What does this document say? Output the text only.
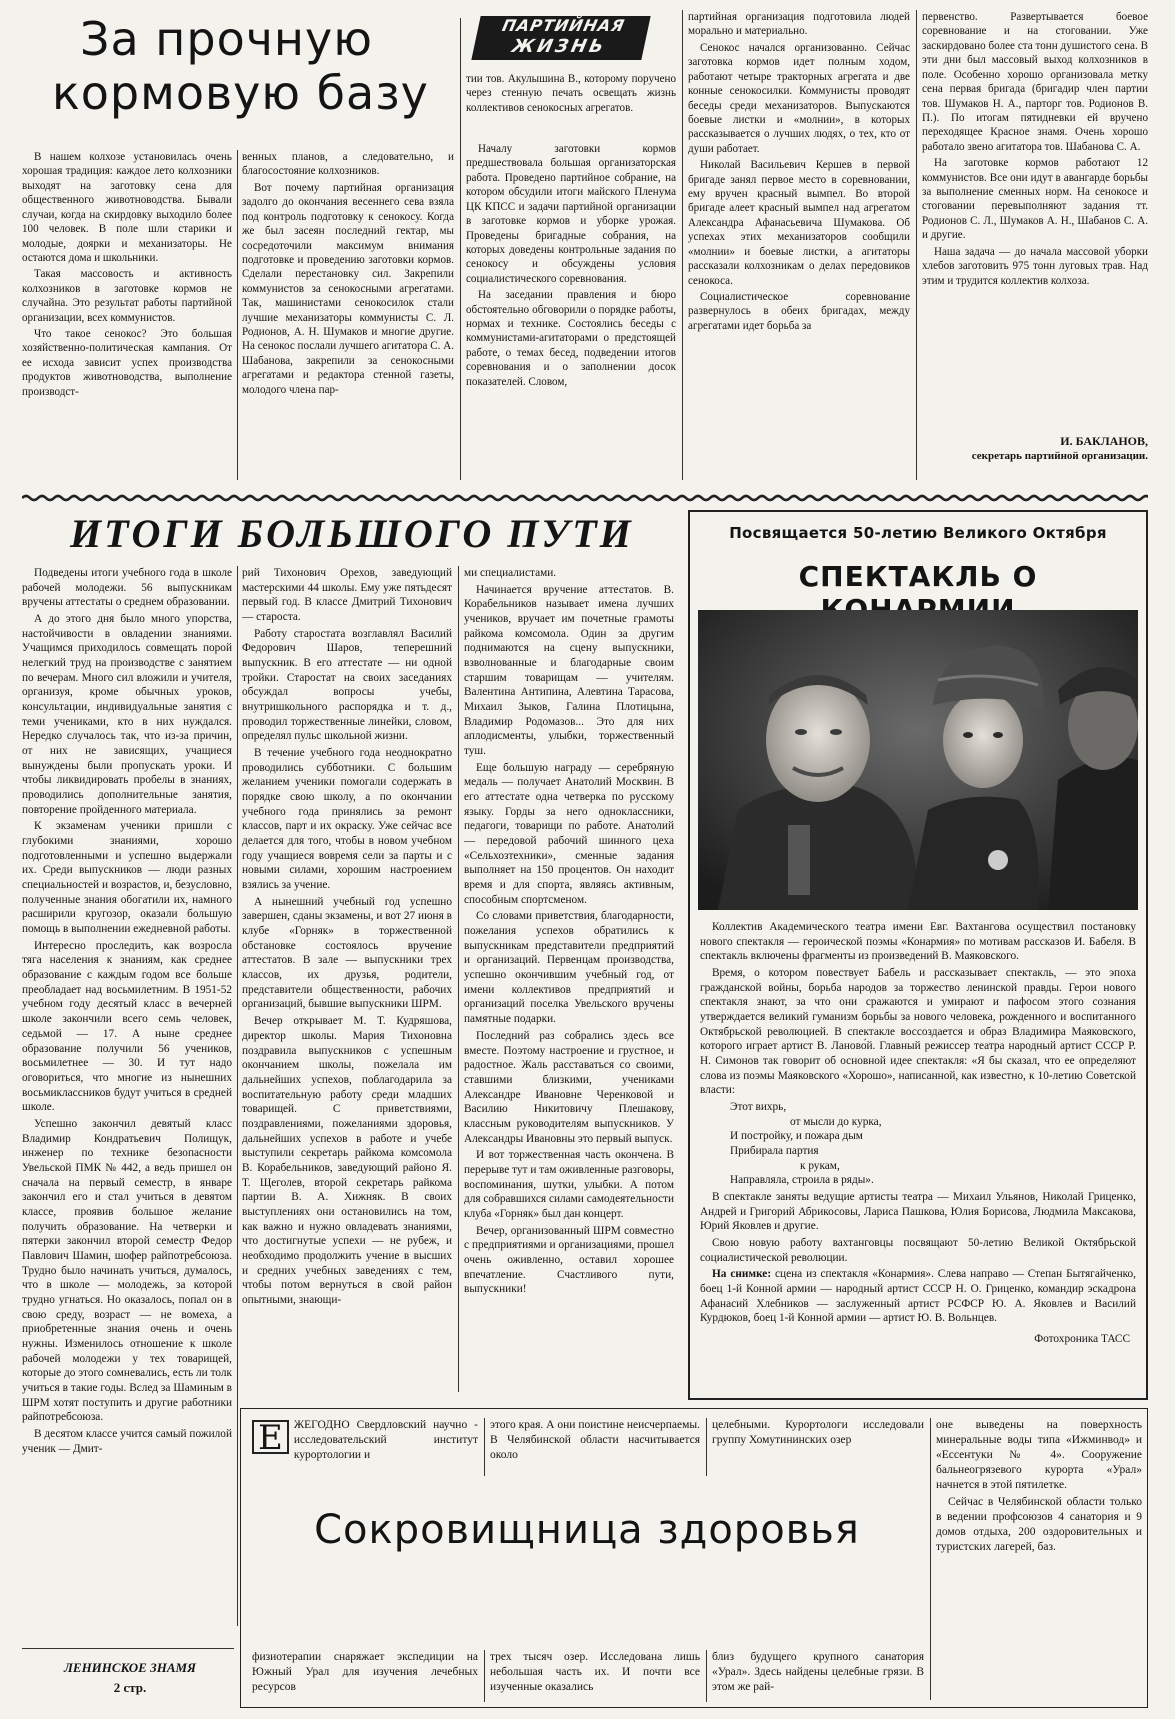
За прочную
кормовую базу

В нашем колхозе установилась очень хорошая традиция: каждое лето колхозники выходят на заготовку сена для общественного животноводства. Бывали случаи, когда на скирдовку выходило более 100 человек. В поле шли старики и молодые, доярки и механизаторы. Не остаются дома и школьники.

Такая массовость и активность колхозников в заготовке кормов не случайна. Это результат работы партийной организации, всех коммунистов.

Что такое сенокос? Это большая хозяйственно-политическая кампания. От ее исхода зависит успех производства продуктов животноводства, выполнение производст-

венных планов, а следовательно, и благосостояние колхозников.

Вот почему партийная организация задолго до окончания весеннего сева взяла под контроль подготовку к сенокосу. Когда же был засеян последний гектар, мы сосредоточили максимум внимания подготовке и проведению заготовки кормов. Сделали перестановку сил. Закрепили коммунистов за сенокосными агрегатами. Так, машинистами сенокосилок стали лучшие механизаторы коммунисты С. Л. Родионов, А. Н. Шумаков и многие другие. На сенокос послали лучшего агитатора С. А. Шабанова, закрепили за сенокосными агрегатами и редактора стенной газеты, молодого члена пар-

ПАРТИЙНАЯ
ЖИЗНЬ

тии тов. Акулышина В., которому поручено через стенную печать освещать жизнь коллективов сенокосных агрегатов.

Началу заготовки кормов предшествовала большая организаторская работа. Проведено партийное собрание, на котором обсудили итоги майского Пленума ЦК КПСС и задачи партийной организации в заготовке кормов и уборке урожая. Проведены бригадные собрания, на которых доведены контрольные задания по сенокосу и обсуждены условия социалистического соревнования.

На заседании правления и бюро обстоятельно обговорили о порядке работы, нормах и технике. Состоялись беседы с коммунистами-агитаторами о предстоящей работе, о темах бесед, подведении итогов соревнования и о заполнении досок показателей. Словом,

партийная организация подготовила людей морально и материально.

Сенокос начался организованно. Сейчас заготовка кормов идет полным ходом, работают четыре тракторных агрегата и две конные сенокосилки. Коммунисты проводят беседы среди механизаторов. Выпускаются боевые листки и «молнии», в которых рассказывается о лучших людях, о тех, кто от души работает.

Николай Васильевич Кершев в первой бригаде занял первое место в соревновании, ему вручен красный вымпел. Во второй бригаде алеет красный вымпел над агрегатом Александра Афанасьевича Шумакова. Об успехах этих механизаторов сообщили «молнии» и боевые листки, а агитаторы рассказали колхозникам о делах передовиков сенокоса.

Социалистическое соревнование развернулось в обеих бригадах, между агрегатами идет борьба за

первенство. Развертывается боевое соревнование и на стоговании. Уже заскирдовано более ста тонн душистого сена. В эти дни был массовый выход колхозников в поле. Особенно хорошо организовала метку сена первая бригада (бригадир член партии тов. Шумаков Н. А., парторг тов. Родионов В. П.). По итогам пятидневки ей вручено переходящее Красное знамя. Очень хорошо работало звено агитатора тов. Шабанова С. А.

На заготовке кормов работают 12 коммунистов. Все они идут в авангарде борьбы за выполнение сменных норм. На сенокосе и стоговании перевыполняют задания тт. Родионов С. Л., Шумаков А. Н., Шабанов С. А. и другие.

Наша задача — до начала массовой уборки хлебов заготовить 975 тонн луговых трав. Над этим и трудится коллектив колхоза.

И. БАКЛАНОВ,
секретарь партийной организации.
ИТОГИ БОЛЬШОГО ПУТИ

Подведены итоги учебного года в школе рабочей молодежи. 56 выпускникам вручены аттестаты о среднем образовании.

А до этого дня было много упорства, настойчивости в овладении знаниями. Учащимся приходилось совмещать порой нелегкий труд на производстве с занятием по вечерам. Много сил вложили и учителя, организуя, кроме обычных уроков, консультации, индивидуальные занятия с теми учениками, кто в них нуждался. Нередко случалось так, что из-за причин, от них не зависящих, учащиеся вынуждены были пропускать уроки. И чтобы ликвидировать пробелы в знаниях, проводились дополнительные занятия, повторение пройденного материала.

К экзаменам ученики пришли с глубокими знаниями, хорошо подготовленными и успешно выдержали их. Среди выпускников — люди разных специальностей и возрастов, и, безусловно, полученные знания обогатили их, намного расширили кругозор, оказали большую помощь в выполнении ежедневной работы.

Интересно проследить, как возросла тяга населения к знаниям, как среднее образование с каждым годом все больше преобладает над восьмилетним. В 1951-52 учебном году десятый класс в вечерней школе закончили всего семь человек, седьмой — 17. А ныне среднее образование получили 56 учеников, восьмилетнее — 30. И тут надо оговориться, что многие из нынешних восьмиклассников будут учиться в средней школе.

Успешно закончил девятый класс Владимир Кондратьевич Полищук, инженер по технике безопасности Увельской ПМК № 442, а ведь пришел он сначала на первый семестр, в январе закончил его и стал учиться в девятом классе, проявив большое желание получить образование. На четверки и пятерки закончил второй семестр Федор Павлович Шамин, шофер райпотребсоюза. Трудно было начинать учиться, думалось, что в школе — молодежь, за которой трудно угнаться. Но оказалось, попал он в свою среду, возраст — не вомеха, а приобретенные знания очень и очень нужны. Изменилось отношение к школе рабочей молодежи у тех товарищей, которые до этого сомневались, есть ли толк учиться в такие годы. Вслед за Шаминым в ШРМ хотят поступить и другие работники райпотребсоюза.

В десятом классе учится самый пожилой ученик — Дмит-

рий Тихонович Орехов, заведующий мастерскими 44 школы. Ему уже пятьдесят первый год. В классе Дмитрий Тихонович — староста.

Работу старостата возглавлял Василий Федорович Шаров, теперешний выпускник. В его аттестате — ни одной тройки. Старостат на своих заседаниях обсуждал вопросы учебы, внутришкольного распорядка и т. д., проводил торжественные линейки, словом, определял пульс школьной жизни.

В течение учебного года неоднократно проводились субботники. С большим желанием ученики помогали содержать в порядке свою школу, а по окончании учебного года принялись за ремонт классов, парт и их окраску. Уже сейчас все делается для того, чтобы в новом учебном году учащиеся вовремя сели за парты и с новыми силами, хорошим настроением взялись за учение.

А нынешний учебный год успешно завершен, сданы экзамены, и вот 27 июня в клубе «Горняк» в торжественной обстановке состоялось вручение аттестатов. В зале — выпускники трех классов, их друзья, родители, представители общественности, рабочих организаций, бывшие выпускники ШРМ.

Вечер открывает М. Т. Кудряшова, директор школы. Мария Тихоновна поздравила выпускников с успешным окончанием школы, пожелала им дальнейших успехов, поблагодарила за воспитательную работу среди младших товарищей. С приветствиями, поздравлениями, пожеланиями здоровья, дальнейших успехов в работе и учебе выступили секретарь райкома комсомола В. Корабельников, заведующий районо Я. Т. Щеголев, второй секретарь райкома партии В. А. Хижняк. В своих выступлениях они остановились на том, как важно и нужно овладевать знаниями, что достигнутые успехи — не рубеж, и необходимо продолжить учение в высших и средних учебных заведениях с тем, чтобы потом вернуться в свой район опытными, знающи-

ми специалистами.

Начинается вручение аттестатов. В. Корабельников называет имена лучших учеников, вручает им почетные грамоты райкома комсомола. Один за другим поднимаются на сцену выпускники, взволнованные и благодарные своим старшим товарищам — учителям. Валентина Антипина, Алевтина Тарасова, Михаил Зыков, Галина Плотицына, Владимир Родомазов... Это для них аплодисменты, улыбки, торжественный туш.

Еще большую награду — серебряную медаль — получает Анатолий Москвин. В его аттестате одна четверка по русскому языку. Горды за него одноклассники, педагоги, товарищи по работе. Анатолий — передовой рабочий шинного цеха «Сельхозтехники», сменные задания выполняет на 150 процентов. Он находит время и для спорта, являясь активным, способным спортсменом.

Со словами приветствия, благодарности, пожелания успехов обратились к выпускникам представители предприятий и организаций. Первенцам производства, успешно окончившим учебный год, от имени коллективов предприятий и организаций поселка Увельского вручены памятные подарки.

Последний раз собрались здесь все вместе. Поэтому настроение и грустное, и радостное. Жаль расставаться со своими, ставшими близкими, учениками Александре Ивановне Черенковой и Василию Никитовичу Плешакову, классным руководителям выпускников. У Александры Ивановны это первый выпуск.

И вот торжественная часть окончена. В перерыве тут и там оживленные разговоры, воспоминания, шутки, улыбки. А потом для собравшихся силами самодеятельности клуба «Горняк» был дан концерт.

Вечер, организованный ШРМ совместно с предприятиями и организациями, прошел очень оживленно, оставил хорошее впечатление. Счастливого пути, выпускники!

Посвящается 50-летию Великого Октября
СПЕКТАКЛЬ О

Коллектив Академического театра имени Евг. Вахтангова осуществил постановку нового спектакля — героической поэмы «Конармия» по мотивам рассказов И. Бабеля. В спектакль включены фрагменты из произведений В. Маяковского.

Время, о котором повествует Бабель и рассказывает спектакль, — это эпоха гражданской войны, борьба народов за торжество ленинской правды. Герои нового спектакля знают, за что они сражаются и умирают и пафосом этого сознания утверждается великий гуманизм борьбы за нового человека, рожденного и воспитанного Октябрьской революцией. В спектакле воссоздается и образ Владимира Маяковского, которого играет артист В. Ланово́й. Главный режиссер театра народный артист СССР Р. Н. Симонов так говорит об основной идее спектакля: «Я бы сказал, что ее определяют слова из поэмы Маяковского «Хорошо», написанной, как известно, к 10-летию Советской власти:

Этот вихрь,
от мысли до курка,
И постройку, и пожара дым
Прибирала партия
к рукам,
Направляла, строила в ряды».

В спектакле заняты ведущие артисты театра — Михаил Ульянов, Николай Гриценко, Андрей и Григорий Абрикосовы, Лариса Пашкова, Юлия Борисова, Людмила Максакова, Юрий Яковлев и другие.

Свою новую работу вахтанговцы посвящают 50-летию Великой Октябрьской социалистической революции.

На снимке: сцена из спектакля «Конармия». Слева направо — Степан Бытягайченко, боец 1-й Конной армии — народный артист СССР Н. О. Гриценко, командир эскадрона Афанасий Хлебников — заслуженный артист РСФСР Ю. А. Яковлев и Василий Курдюков, боец 1-й Конной армии — артист Ю. В. Вольнцев.

Фотохроника ТАСС
Е ЖЕГОДНО Свердловский научно - исследовательский институт курортологии и

этого края. А они поистине неисчерпаемы. В Челябинской области насчитывается около

целебными. Курортологи исследовали группу Хомутининских озер

Сокровищница здоровья

оне выведены на поверхность минеральные воды типа «Ижминвод» и «Ессентуки № 4». Сооружение бальнеогрязевого курорта «Урал» начнется в этой пятилетке.

Сейчас в Челябинской области только в ведении профсоюзов 4 санатория и 9 домов отдыха, 200 оздоровительных и туристских лагерей, баз.

физиотерапии снаряжает экспедиции на Южный Урал для изучения лечебных ресурсов

трех тысяч озер. Исследована лишь небольшая часть их. И почти все изученные оказались

близ будущего крупного санатория «Урал». Здесь найдены целебные грязи. В этом же рай-

ЛЕНИНСКОЕ ЗНАМЯ
2 стр.
